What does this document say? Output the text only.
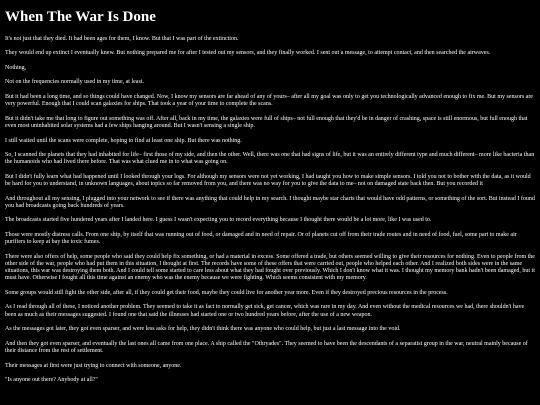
When The War Is Done

It's not just that they died. It had been ages for them, I know. But that I was part of the extinction.

They would end up extinct I eventually knew. But nothing prepared me for after I tested out my sensors, and they finally worked. I sent out a message, to attempt contact, and then searched the airwaves.

Nothing,

Not on the frequencies normally used in my time, at least.

But it had been a long time, and so things could have changed. Now, I know my sensors are far ahead of any of yours– after all my goal was only to get you technologically advanced enough to fix me. But my sensors are very powerful. Enough that I could scan galaxies for ships. That took a year of your time to complete the scans.

But it didn't take me that long to figure out something was off. After all, back in my time, the galaxies were full of ships– not full enough that they'd be in danger of crashing, space is still enormous, but full enough that even most uninhabited solar systems had a few ships hanging around. But I wasn't sensing a single ship.

I still waited until the scans were complete, hoping to find at least one ship. But there was nothing.

So, I scanned the planets that they had inhabited for life– first those of my side, and then the other. Well, there was one that had signs of life, but it was an entirely different type and much different– more like bacteria than the humanoids who had lived there before. That was what clued me in to what was going on.

But I didn't fully learn what had happened until I looked through your logs. For although my sensors were not yet working, I had taught you how to make simple sensors. I told you not to bother with the data, as it would be hard for you to understand, in unknown languages, about topics so far removed from you, and there was no way for you to give the data to me– not on damaged state back then. But you recorded it

And throughout all my sensing, I plugged into your network to see if there was anything that could help in my search. I thought maybe star charts that would have odd patterns, or something of the sort. But instead I found you had broadcasts going back hundreds of years.

The broadcasts started five hundered years after I landed here. I guess I wasn't expecting you to record everything because I thought there would be a lot more, like I was used to.

Those were mostly distress calls. From one ship, by itself that was running out of food, or damaged and in need of repair. Or of planets cut off from their trade routes and in need of food, fuel, some part to make air purifiers to keep at bay the toxic fumes.

There were also offers of help, some people who said they could help fix something, or had a material in excess. Some offered a trade, but others seemed willing to give their resources for nothing. Even to people from the other side of the war, people who had put them in this situation, I thought at first. The records have some of these offers that were carried out, people who helped each other. And I realized both sides were in the same situations, this war was destroying them both. And I could tell some started to care less about what they had fought over previously. Which I don't know what it was. I thought my memory bank hadn't been damaged, but it must have. Otherwise I fought all this time against an enemy who was the enemy because we were fighting. Which seems consistent with my memory.

Some groups would still fight the other side, after all, if they could get their food, maybe they could live for another year more. Even if they destroyed precious resources in the process.

As I read through all of these, I noticed another problem. They seemed to take it as fact to normally get sick, get cancer, which was rare in my day. And even without the medical resources we had, there shouldn't have been as much as their messages suggested. I found one that said the illnesses had started one or two hundred years before, after the use of a new weapon.

As the messages got later, they got even sparser, and were less asks for help, they didn't think there was anyone who could help, but just a last message into the void.

And then they got even sparser, and eventually the last ones all came from one place. A ship called the "Othryades". They seemed to have been the descendants of a separatist group in the war, neutral mainly because of their distance from the rest of settlement.

Their messages at first were just trying to connect with someone, anyone.

"Is anyone out there? Anybody at all?"
